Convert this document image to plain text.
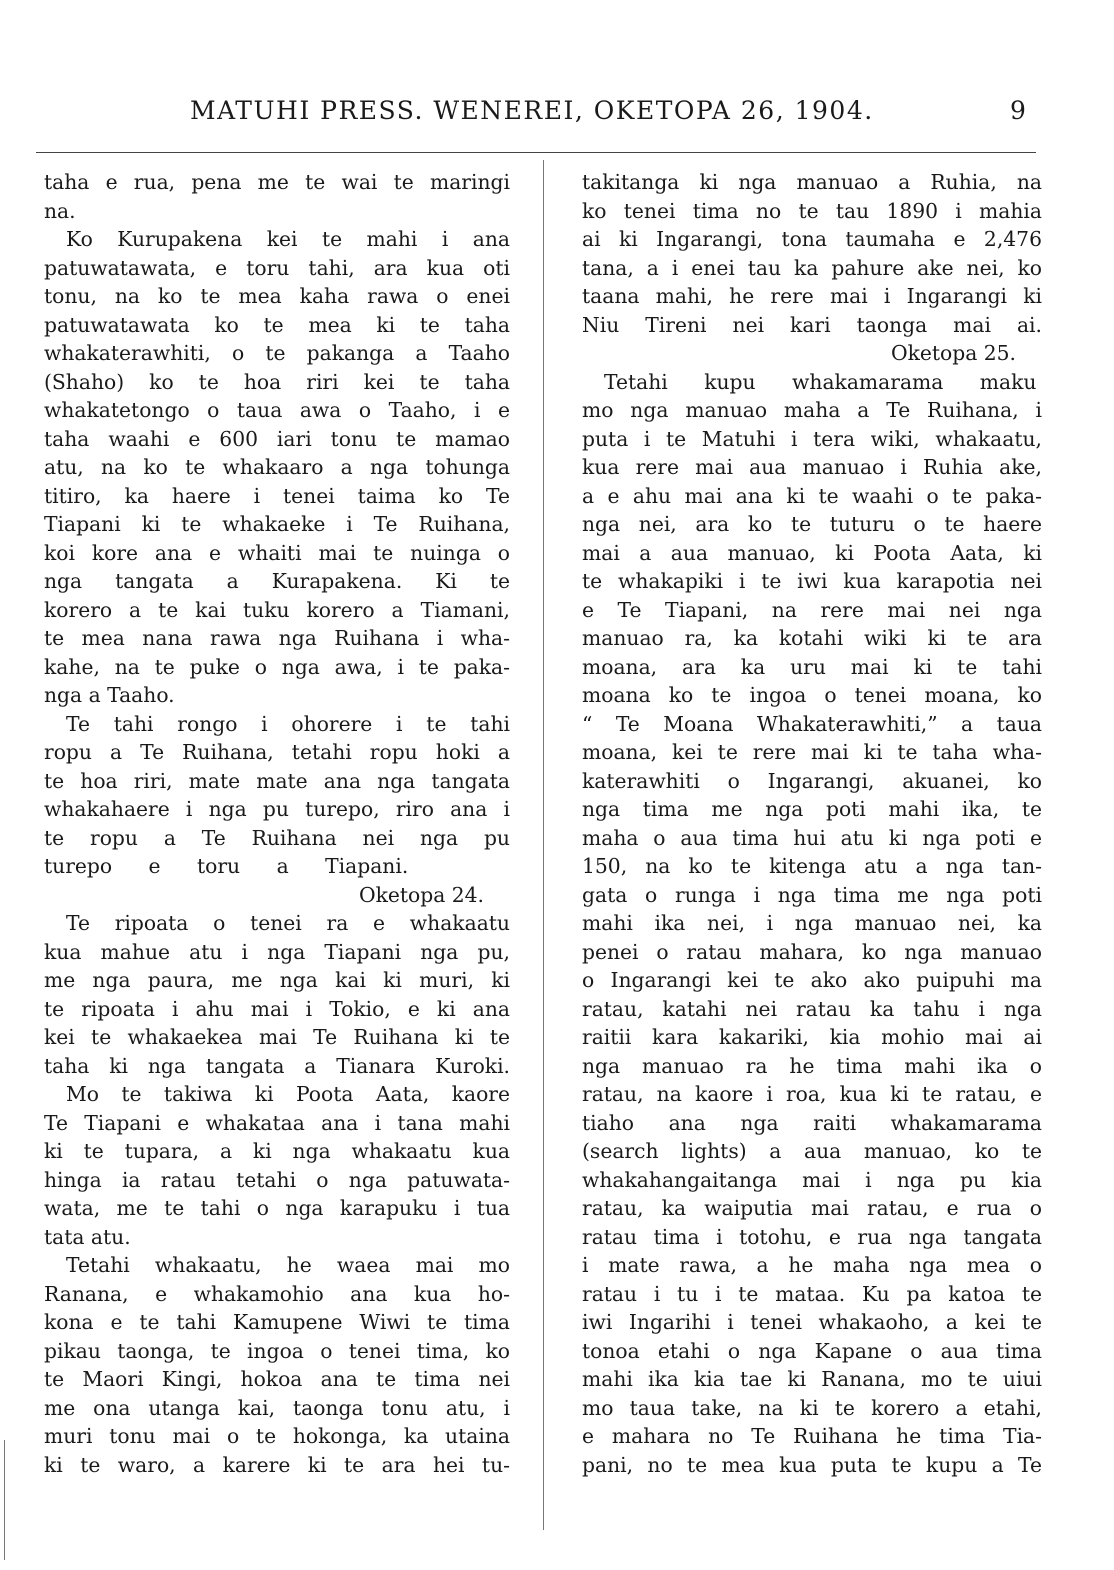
MATUHI PRESS. WENEREI, OKETOPA 26, 1904.	9
taha e rua, pena me te wai te maringi
na.
Ko Kurupakena kei te mahi i ana
patuwatawata, e toru tahi, ara kua oti
tonu, na ko te mea kaha rawa o enei
patuwatawata ko te mea ki te taha
whakaterawhiti, o te pakanga a Taaho
(Shaho) ko te hoa riri kei te taha
whakatetongo o taua awa o Taaho, i e
taha waahi e 600 iari tonu te mamao
atu, na ko te whakaaro a nga tohunga
titiro, ka haere i tenei taima ko Te
Tiapani ki te whakaeke i Te Ruihana,
koi kore ana e whaiti mai te nuinga o
nga tangata a Kurapakena. Ki te
korero a te kai tuku korero a Tiamani,
te mea nana rawa nga Ruihana i wha-
kahe, na te puke o nga awa, i te paka-
nga a Taaho.
Te tahi rongo i ohorere i te tahi
ropu a Te Ruihana, tetahi ropu hoki a
te hoa riri, mate mate ana nga tangata
whakahaere i nga pu turepo, riro ana i
te ropu a Te Ruihana nei nga pu
turepo e toru a Tiapani.
Oketopa 24.
Te ripoata o tenei ra e whakaatu
kua mahue atu i nga Tiapani nga pu,
me nga paura, me nga kai ki muri, ki
te ripoata i ahu mai i Tokio, e ki ana
kei te whakaekea mai Te Ruihana ki te
taha ki nga tangata a Tianara Kuroki.
Mo te takiwa ki Poota Aata, kaore
Te Tiapani e whakataa ana i tana mahi
ki te tupara, a ki nga whakaatu kua
hinga ia ratau tetahi o nga patuwata-
wata, me te tahi o nga karapuku i tua
tata atu.
Tetahi whakaatu, he waea mai mo
Ranana, e whakamohio ana kua ho-
kona e te tahi Kamupene Wiwi te tima
pikau taonga, te ingoa o tenei tima, ko
te Maori Kingi, hokoa ana te tima nei
me ona utanga kai, taonga tonu atu, i
muri tonu mai o te hokonga, ka utaina
ki te waro, a karere ki te ara hei tu-
takitanga ki nga manuao a Ruhia, na
ko tenei tima no te tau 1890 i mahia
ai ki Ingarangi, tona taumaha e 2,476
tana, a i enei tau ka pahure ake nei, ko
taana mahi, he rere mai i Ingarangi ki
Niu Tireni nei kari taonga mai ai.
Oketopa 25.
Tetahi kupu whakamarama maku
mo nga manuao maha a Te Ruihana, i
puta i te Matuhi i tera wiki, whakaatu,
kua rere mai aua manuao i Ruhia ake,
a e ahu mai ana ki te waahi o te paka-
nga nei, ara ko te tuturu o te haere
mai a aua manuao, ki Poota Aata, ki
te whakapiki i te iwi kua karapotia nei
e Te Tiapani, na rere mai nei nga
manuao ra, ka kotahi wiki ki te ara
moana, ara ka uru mai ki te tahi
moana ko te ingoa o tenei moana, ko
“ Te Moana Whakaterawhiti,” a taua
moana, kei te rere mai ki te taha wha-
katerawhiti o Ingarangi, akuanei, ko
nga tima me nga poti mahi ika, te
maha o aua tima hui atu ki nga poti e
150, na ko te kitenga atu a nga tan-
gata o runga i nga tima me nga poti
mahi ika nei, i nga manuao nei, ka
penei o ratau mahara, ko nga manuao
o Ingarangi kei te ako ako puipuhi ma
ratau, katahi nei ratau ka tahu i nga
raitii kara kakariki, kia mohio mai ai
nga manuao ra he tima mahi ika o
ratau, na kaore i roa, kua ki te ratau, e
tiaho ana nga raiti whakamarama
(search lights) a aua manuao, ko te
whakahangaitanga mai i nga pu kia
ratau, ka waiputia mai ratau, e rua o
ratau tima i totohu, e rua nga tangata
i mate rawa, a he maha nga mea o
ratau i tu i te mataa. Ku pa katoa te
iwi Ingarihi i tenei whakaoho, a kei te
tonoa etahi o nga Kapane o aua tima
mahi ika kia tae ki Ranana, mo te uiui
mo taua take, na ki te korero a etahi,
e mahara no Te Ruihana he tima Tia-
pani, no te mea kua puta te kupu a Te
